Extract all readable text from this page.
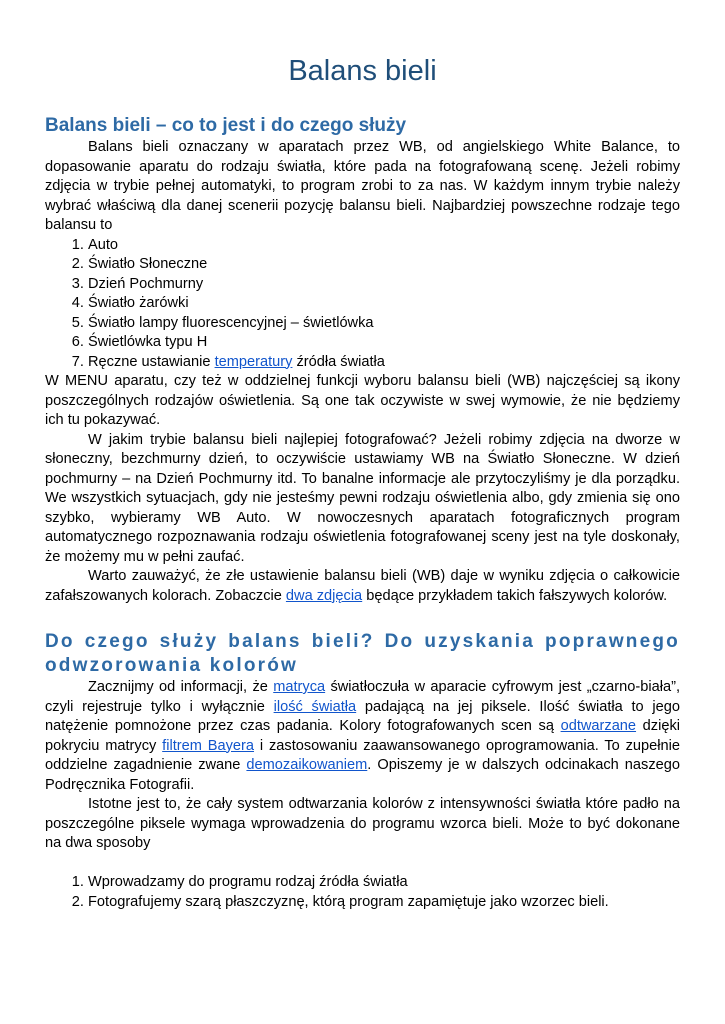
Balans bieli
Balans bieli – co to jest i do czego służy

Balans bieli oznaczany w aparatach przez WB, od angielskiego White Balance, to dopasowanie aparatu do rodzaju światła, które pada na fotografowaną scenę. Jeżeli robimy zdjęcia w trybie pełnej automatyki, to program zrobi to za nas. W każdym innym trybie należy wybrać właściwą dla danej scenerii pozycję balansu bieli. Najbardziej powszechne rodzaje tego balansu to

1. Auto
2. Światło Słoneczne
3. Dzień Pochmurny
4. Światło żarówki
5. Światło lampy fluorescencyjnej – świetlówka
6. Świetlówka typu H
7. Ręczne ustawianie temperatury źródła światła

W MENU aparatu, czy też w oddzielnej funkcji wyboru balansu bieli (WB) najczęściej są ikony poszczególnych rodzajów oświetlenia. Są one tak oczywiste w swej wymowie, że nie będziemy ich tu pokazywać.

W jakim trybie balansu bieli najlepiej fotografować? Jeżeli robimy zdjęcia na dworze w słoneczny, bezchmurny dzień, to oczywiście ustawiamy WB na Światło Słoneczne. W dzień pochmurny – na Dzień Pochmurny itd. To banalne informacje ale przytoczyliśmy je dla porządku. We wszystkich sytuacjach, gdy nie jesteśmy pewni rodzaju oświetlenia albo, gdy zmienia się ono szybko, wybieramy WB Auto. W nowoczesnych aparatach fotograficznych program automatycznego rozpoznawania rodzaju oświetlenia fotografowanej sceny jest na tyle doskonały, że możemy mu w pełni zaufać.

Warto zauważyć, że złe ustawienie balansu bieli (WB) daje w wyniku zdjęcia o całkowicie zafałszowanych kolorach. Zobaczcie dwa zdjęcia będące przykładem takich fałszywych kolorów.

Do czego służy balans bieli? Do uzyskania poprawnego odwzorowania kolorów

Zacznijmy od informacji, że matryca światłoczuła w aparacie cyfrowym jest „czarno-biała”, czyli rejestruje tylko i wyłącznie ilość światła padającą na jej piksele. Ilość światła to jego natężenie pomnożone przez czas padania. Kolory fotografowanych scen są odtwarzane dzięki pokryciu matrycy filtrem Bayera i zastosowaniu zaawansowanego oprogramowania. To zupełnie oddzielne zagadnienie zwane demozaikowaniem. Opiszemy je w dalszych odcinakach naszego Podręcznika Fotografii.

Istotne jest to, że cały system odtwarzania kolorów z intensywności światła które padło na poszczególne piksele wymaga wprowadzenia do programu wzorca bieli. Może to być dokonane na dwa sposoby

1. Wprowadzamy do programu rodzaj źródła światła
2. Fotografujemy szarą płaszczyznę, którą program zapamiętuje jako wzorzec bieli.
